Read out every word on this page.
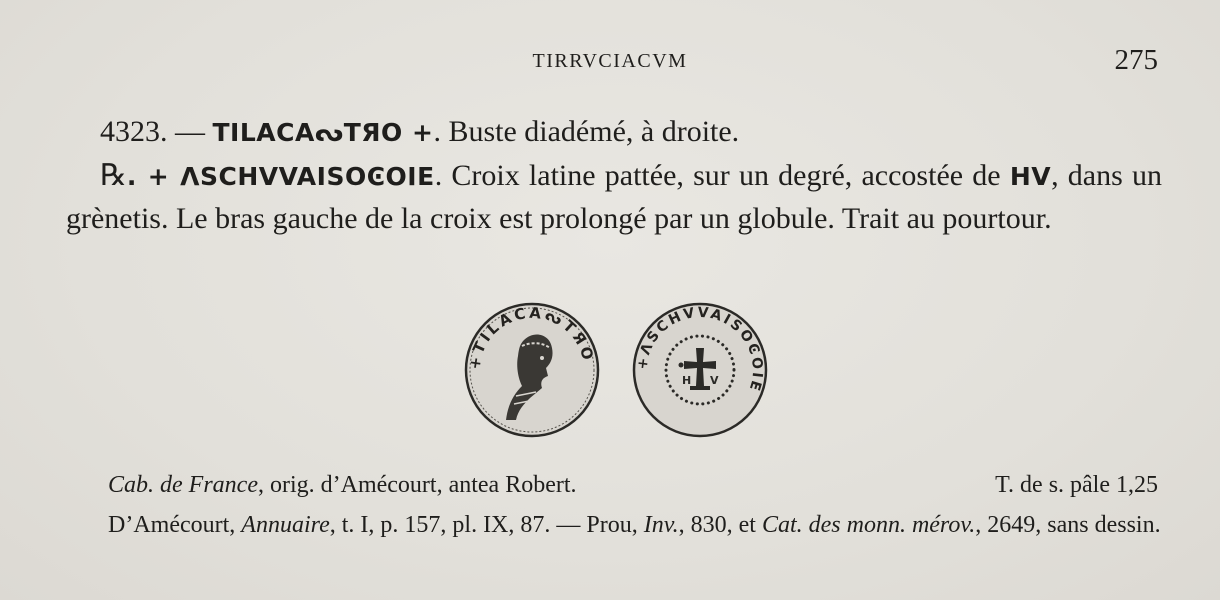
TIRRVCIACVM	275
4323. — TILACAᔓTЯO +. Buste diadémé, à droite.
℞. + ΛSCHVVAISOϾΟΙΕ. Croix latine pattée, sur un degré, accostée de HV, dans un grènetis. Le bras gauche de la croix est prolongé par un globule. Trait au pourtour.
+TILACAᔓTЯO	+ΛSCHVVAISOϾΟΙΕ
H V
Cab. de France, orig. d’Amécourt, antea Robert.	T. de s. pâle 1,25
D’Amécourt, Annuaire, t. I, p. 157, pl. IX, 87. — Prou, Inv., 830, et Cat. des monn. mérov., 2649, sans dessin.
